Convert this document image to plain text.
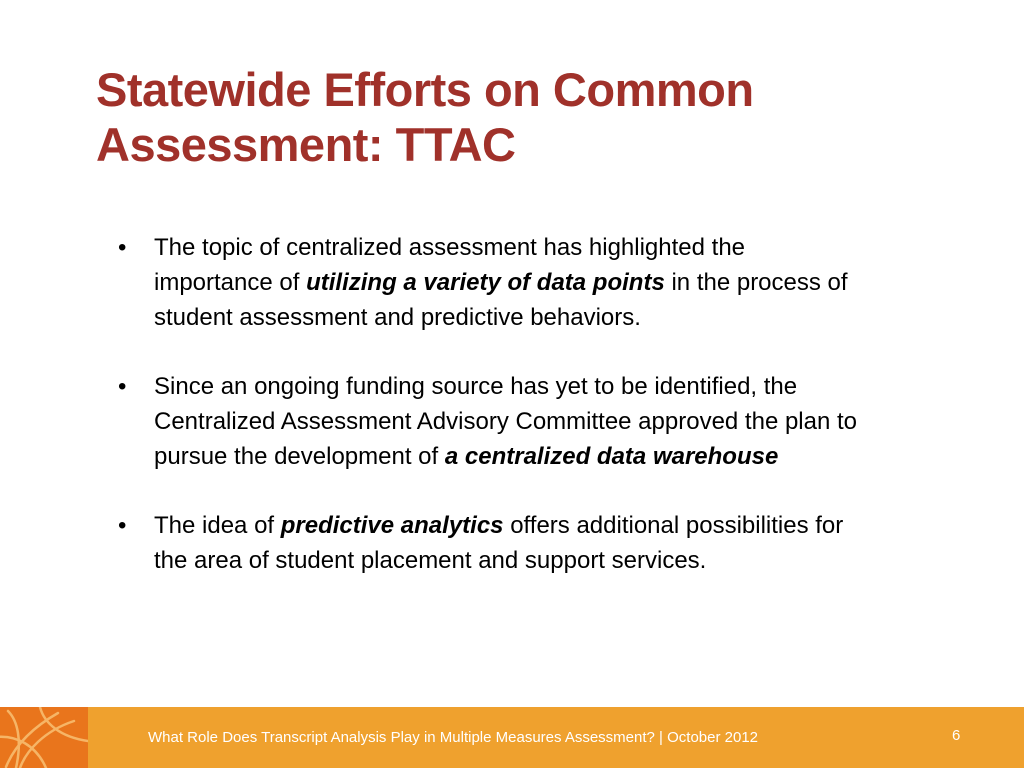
Statewide Efforts on Common
Assessment: TTAC
• The topic of centralized assessment has highlighted the importance of utilizing a variety of data points in the process of student assessment and predictive behaviors.
• Since an ongoing funding source has yet to be identified, the Centralized Assessment Advisory Committee approved the plan to pursue the development of a centralized data warehouse
• The idea of predictive analytics offers additional possibilities for the area of student placement and support services.
What Role Does Transcript Analysis Play in Multiple Measures Assessment? | October 2012	6
